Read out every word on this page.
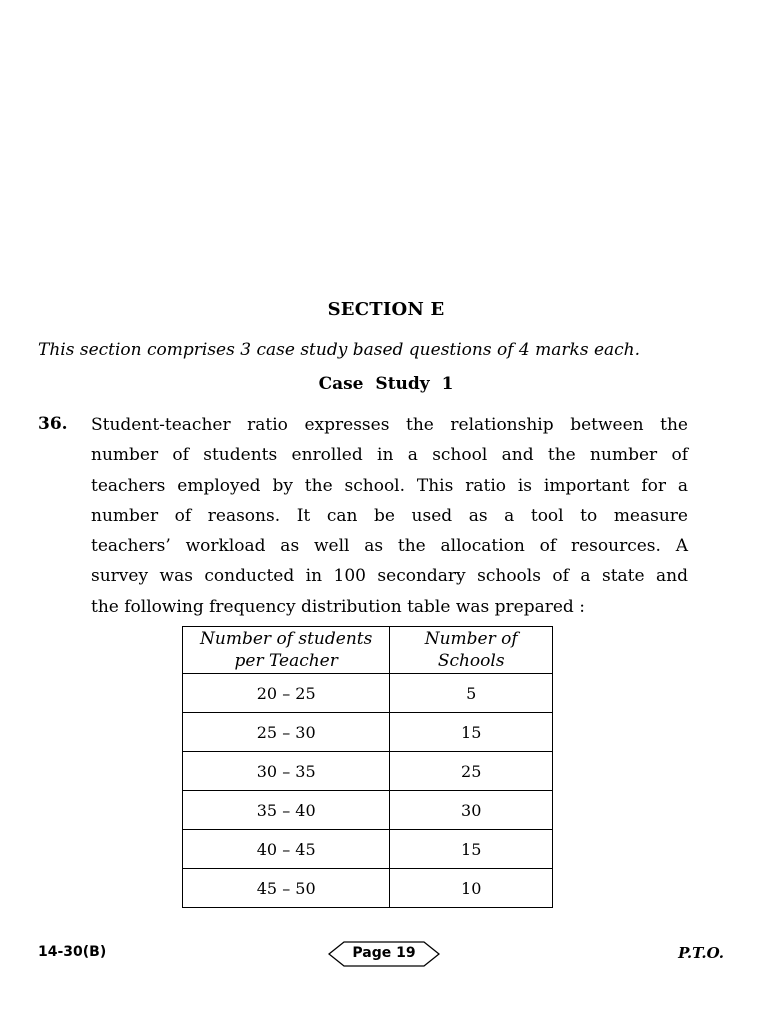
SECTION E
This section comprises 3 case study based questions of 4 marks each.
Case Study 1
36. Student-teacher ratio expresses the relationship between the
number of students enrolled in a school and the number of
teachers employed by the school. This ratio is important for a
number of reasons. It can be used as a tool to measure
teachers’ workload as well as the allocation of resources. A
survey was conducted in 100 secondary schools of a state and
the following frequency distribution table was prepared :
Number of students
per Teacher	Number of
Schools
20 – 25	5
25 – 30	15
30 – 35	25
35 – 40	30
40 – 45	15
45 – 50	10
14-30(B)	Page 19	P.T.O.
